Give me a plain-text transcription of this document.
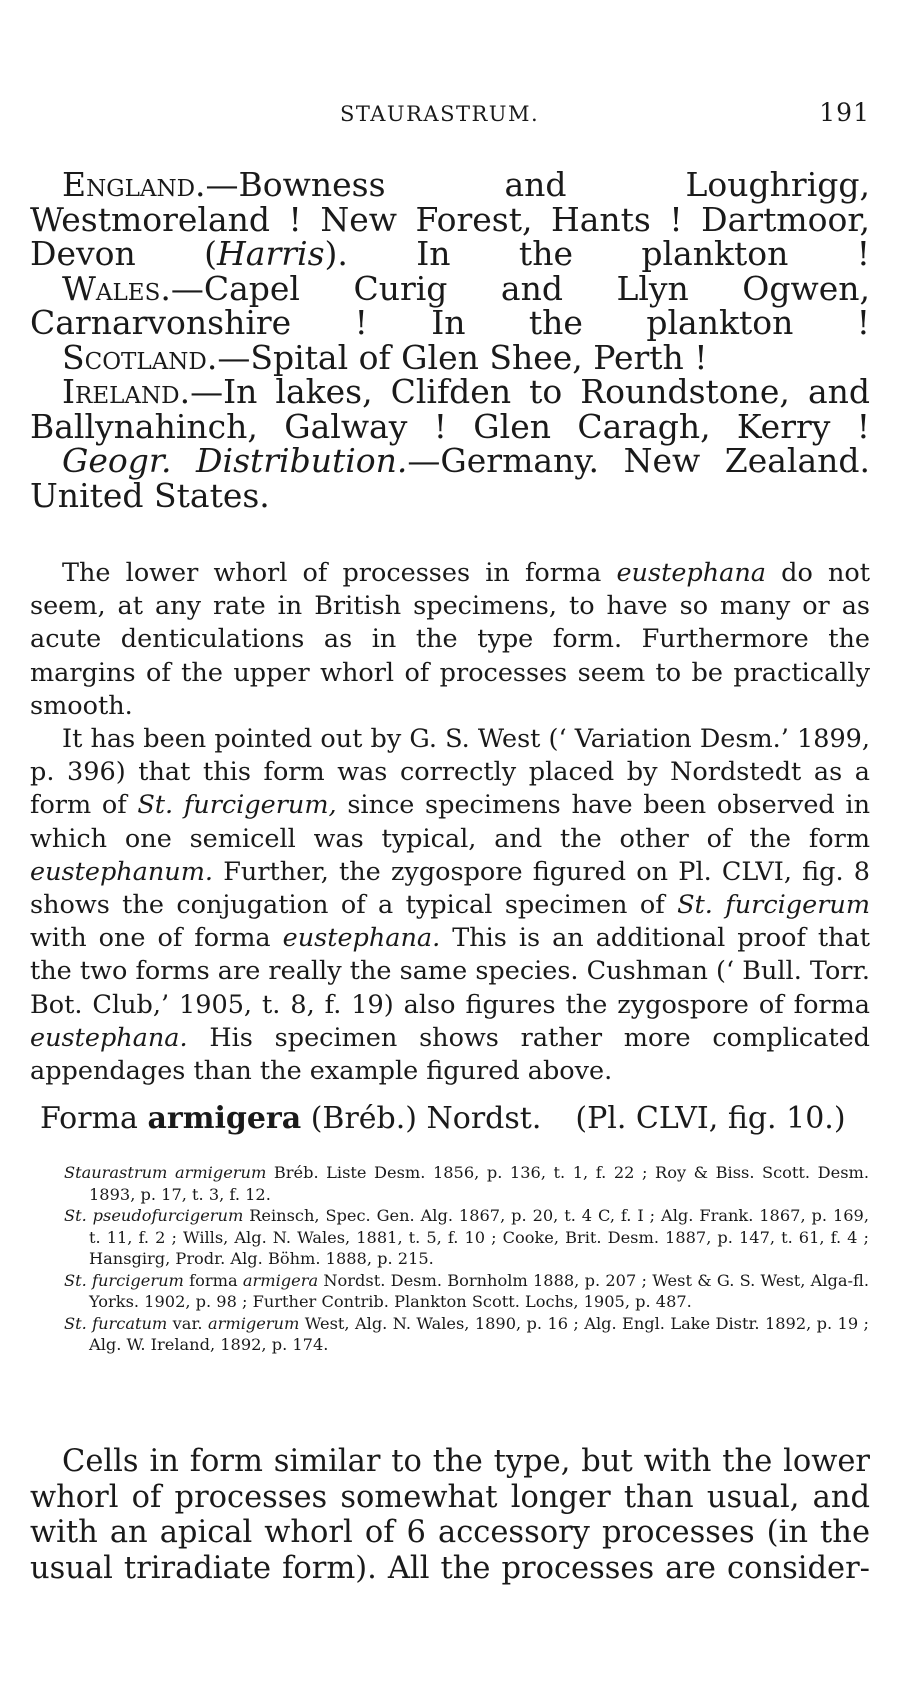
STAURASTRUM.	191

England.—Bowness and Loughrigg, Westmoreland ! New Forest, Hants ! Dartmoor, Devon (Harris). In the plankton !

Wales.—Capel Curig and Llyn Ogwen, Carnarvonshire ! In the plankton !

Scotland.—Spital of Glen Shee, Perth !

Ireland.—In lakes, Clifden to Roundstone, and Ballynahinch, Galway ! Glen Caragh, Kerry !

Geogr. Distribution.—Germany. New Zealand. United States.

The lower whorl of processes in forma eustephana do not seem, at any rate in British specimens, to have so many or as acute denticulations as in the type form. Furthermore the margins of the upper whorl of processes seem to be practically smooth.

It has been pointed out by G. S. West (‘ Variation Desm.’ 1899, p. 396) that this form was correctly placed by Nordstedt as a form of St. furcigerum, since specimens have been observed in which one semicell was typical, and the other of the form eustephanum. Further, the zygospore figured on Pl. CLVI, fig. 8 shows the conjugation of a typical specimen of St. furcigerum with one of forma eustephana. This is an additional proof that the two forms are really the same species. Cushman (‘ Bull. Torr. Bot. Club,’ 1905, t. 8, f. 19) also figures the zygospore of forma eustephana. His specimen shows rather more complicated appendages than the example figured above.

Forma armigera (Bréb.) Nordst. (Pl. CLVI, fig. 10.)

Staurastrum armigerum Bréb. Liste Desm. 1856, p. 136, t. 1, f. 22 ; Roy & Biss. Scott. Desm. 1893, p. 17, t. 3, f. 12.

St. pseudofurcigerum Reinsch, Spec. Gen. Alg. 1867, p. 20, t. 4 C, f. I ; Alg. Frank. 1867, p. 169, t. 11, f. 2 ; Wills, Alg. N. Wales, 1881, t. 5, f. 10 ; Cooke, Brit. Desm. 1887, p. 147, t. 61, f. 4 ; Hansgirg, Prodr. Alg. Böhm. 1888, p. 215.

St. furcigerum forma armigera Nordst. Desm. Bornholm 1888, p. 207 ; West & G. S. West, Alga-fl. Yorks. 1902, p. 98 ; Further Contrib. Plankton Scott. Lochs, 1905, p. 487.

St. furcatum var. armigerum West, Alg. N. Wales, 1890, p. 16 ; Alg. Engl. Lake Distr. 1892, p. 19 ; Alg. W. Ireland, 1892, p. 174.

Cells in form similar to the type, but with the lower whorl of processes somewhat longer than usual, and with an apical whorl of 6 accessory processes (in the usual triradiate form). All the processes are consider-
